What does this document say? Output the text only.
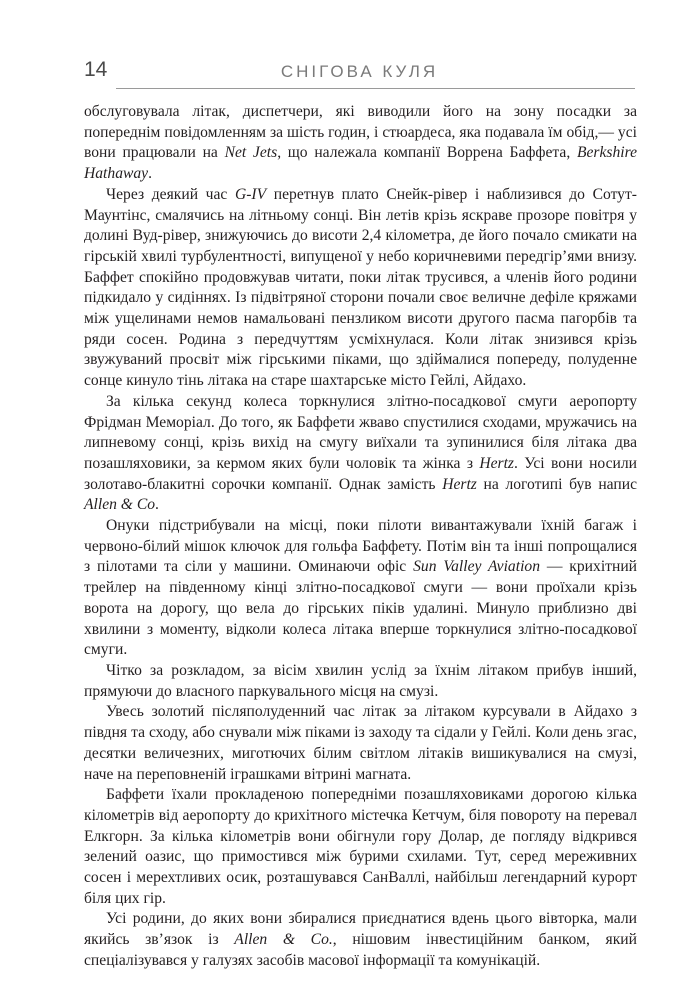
14	СНІГОВА КУЛЯ

обслуговувала літак, диспетчери, які виводили його на зону посадки за попереднім повідомленням за шість годин, і стюардеса, яка подавала їм обід,— усі вони працювали на Net Jets, що належала компанії Воррена Баффета, Berkshire Hathaway.

Через деякий час G-IV перетнув плато Снейк-рівер і наблизився до Сотут-Маунтінс, смалячись на літньому сонці. Він летів крізь яскраве прозоре повітря у долині Вуд-рівер, знижуючись до висоти 2,4 кілометра, де його почало смикати на гірській хвилі турбулентності, випущеної у небо коричневими передгір’ями внизу. Баффет спокійно продовжував читати, поки літак трусився, а членів його родини підкидало у сидіннях. Із підвітряної сторони почали своє величне дефіле кряжами між ущелинами немов намальовані пензликом висоти другого пасма пагорбів та ряди сосен. Родина з передчуттям усміхнулася. Коли літак знизився крізь звужуваний просвіт між гірськими піками, що здіймалися попереду, полуденне сонце кинуло тінь літака на старе шахтарське місто Гейлі, Айдахо.

За кілька секунд колеса торкнулися злітно-посадкової смуги аеропорту Фрідман Меморіал. До того, як Баффети жваво спустилися сходами, мружачись на липневому сонці, крізь вихід на смугу виїхали та зупинилися біля літака два позашляховики, за кермом яких були чоловік та жінка з Hertz. Усі вони носили золотаво-блакитні сорочки компанії. Однак замість Hertz на логотипі був напис Allen & Co.

Онуки підстрибували на місці, поки пілоти вивантажували їхній багаж і червоно-білий мішок ключок для гольфа Баффету. Потім він та інші попрощалися з пілотами та сіли у машини. Оминаючи офіс Sun Valley Aviation — крихітний трейлер на південному кінці злітно-посадкової смуги — вони проїхали крізь ворота на дорогу, що вела до гірських піків удалині. Минуло приблизно дві хвилини з моменту, відколи колеса літака вперше торкнулися злітно-посадкової смуги.

Чітко за розкладом, за вісім хвилин услід за їхнім літаком прибув інший, прямуючи до власного паркувального місця на смузі.

Увесь золотий післяполуденний час літак за літаком курсували в Айдахо з півдня та сходу, або снували між піками із заходу та сідали у Гейлі. Коли день згас, десятки величезних, миготючих білим світлом літаків вишикувалися на смузі, наче на переповненій іграшками вітрині магната.

Баффети їхали прокладеною попередніми позашляховиками дорогою кілька кілометрів від аеропорту до крихітного містечка Кетчум, біля повороту на перевал Елкгорн. За кілька кілометрів вони обігнули гору Долар, де погляду відкрився зелений оазис, що примостився між бурими схилами. Тут, серед мереживних сосен і мерехтливих осик, розташувався СанВаллі, найбільш легендарний курорт біля цих гір.

Усі родини, до яких вони збиралися приєднатися вдень цього вівторка, мали якийсь зв’язок із Allen & Co., нішовим інвестиційним банком, який спеціалізувався у галузях засобів масової інформації та комунікацій.
